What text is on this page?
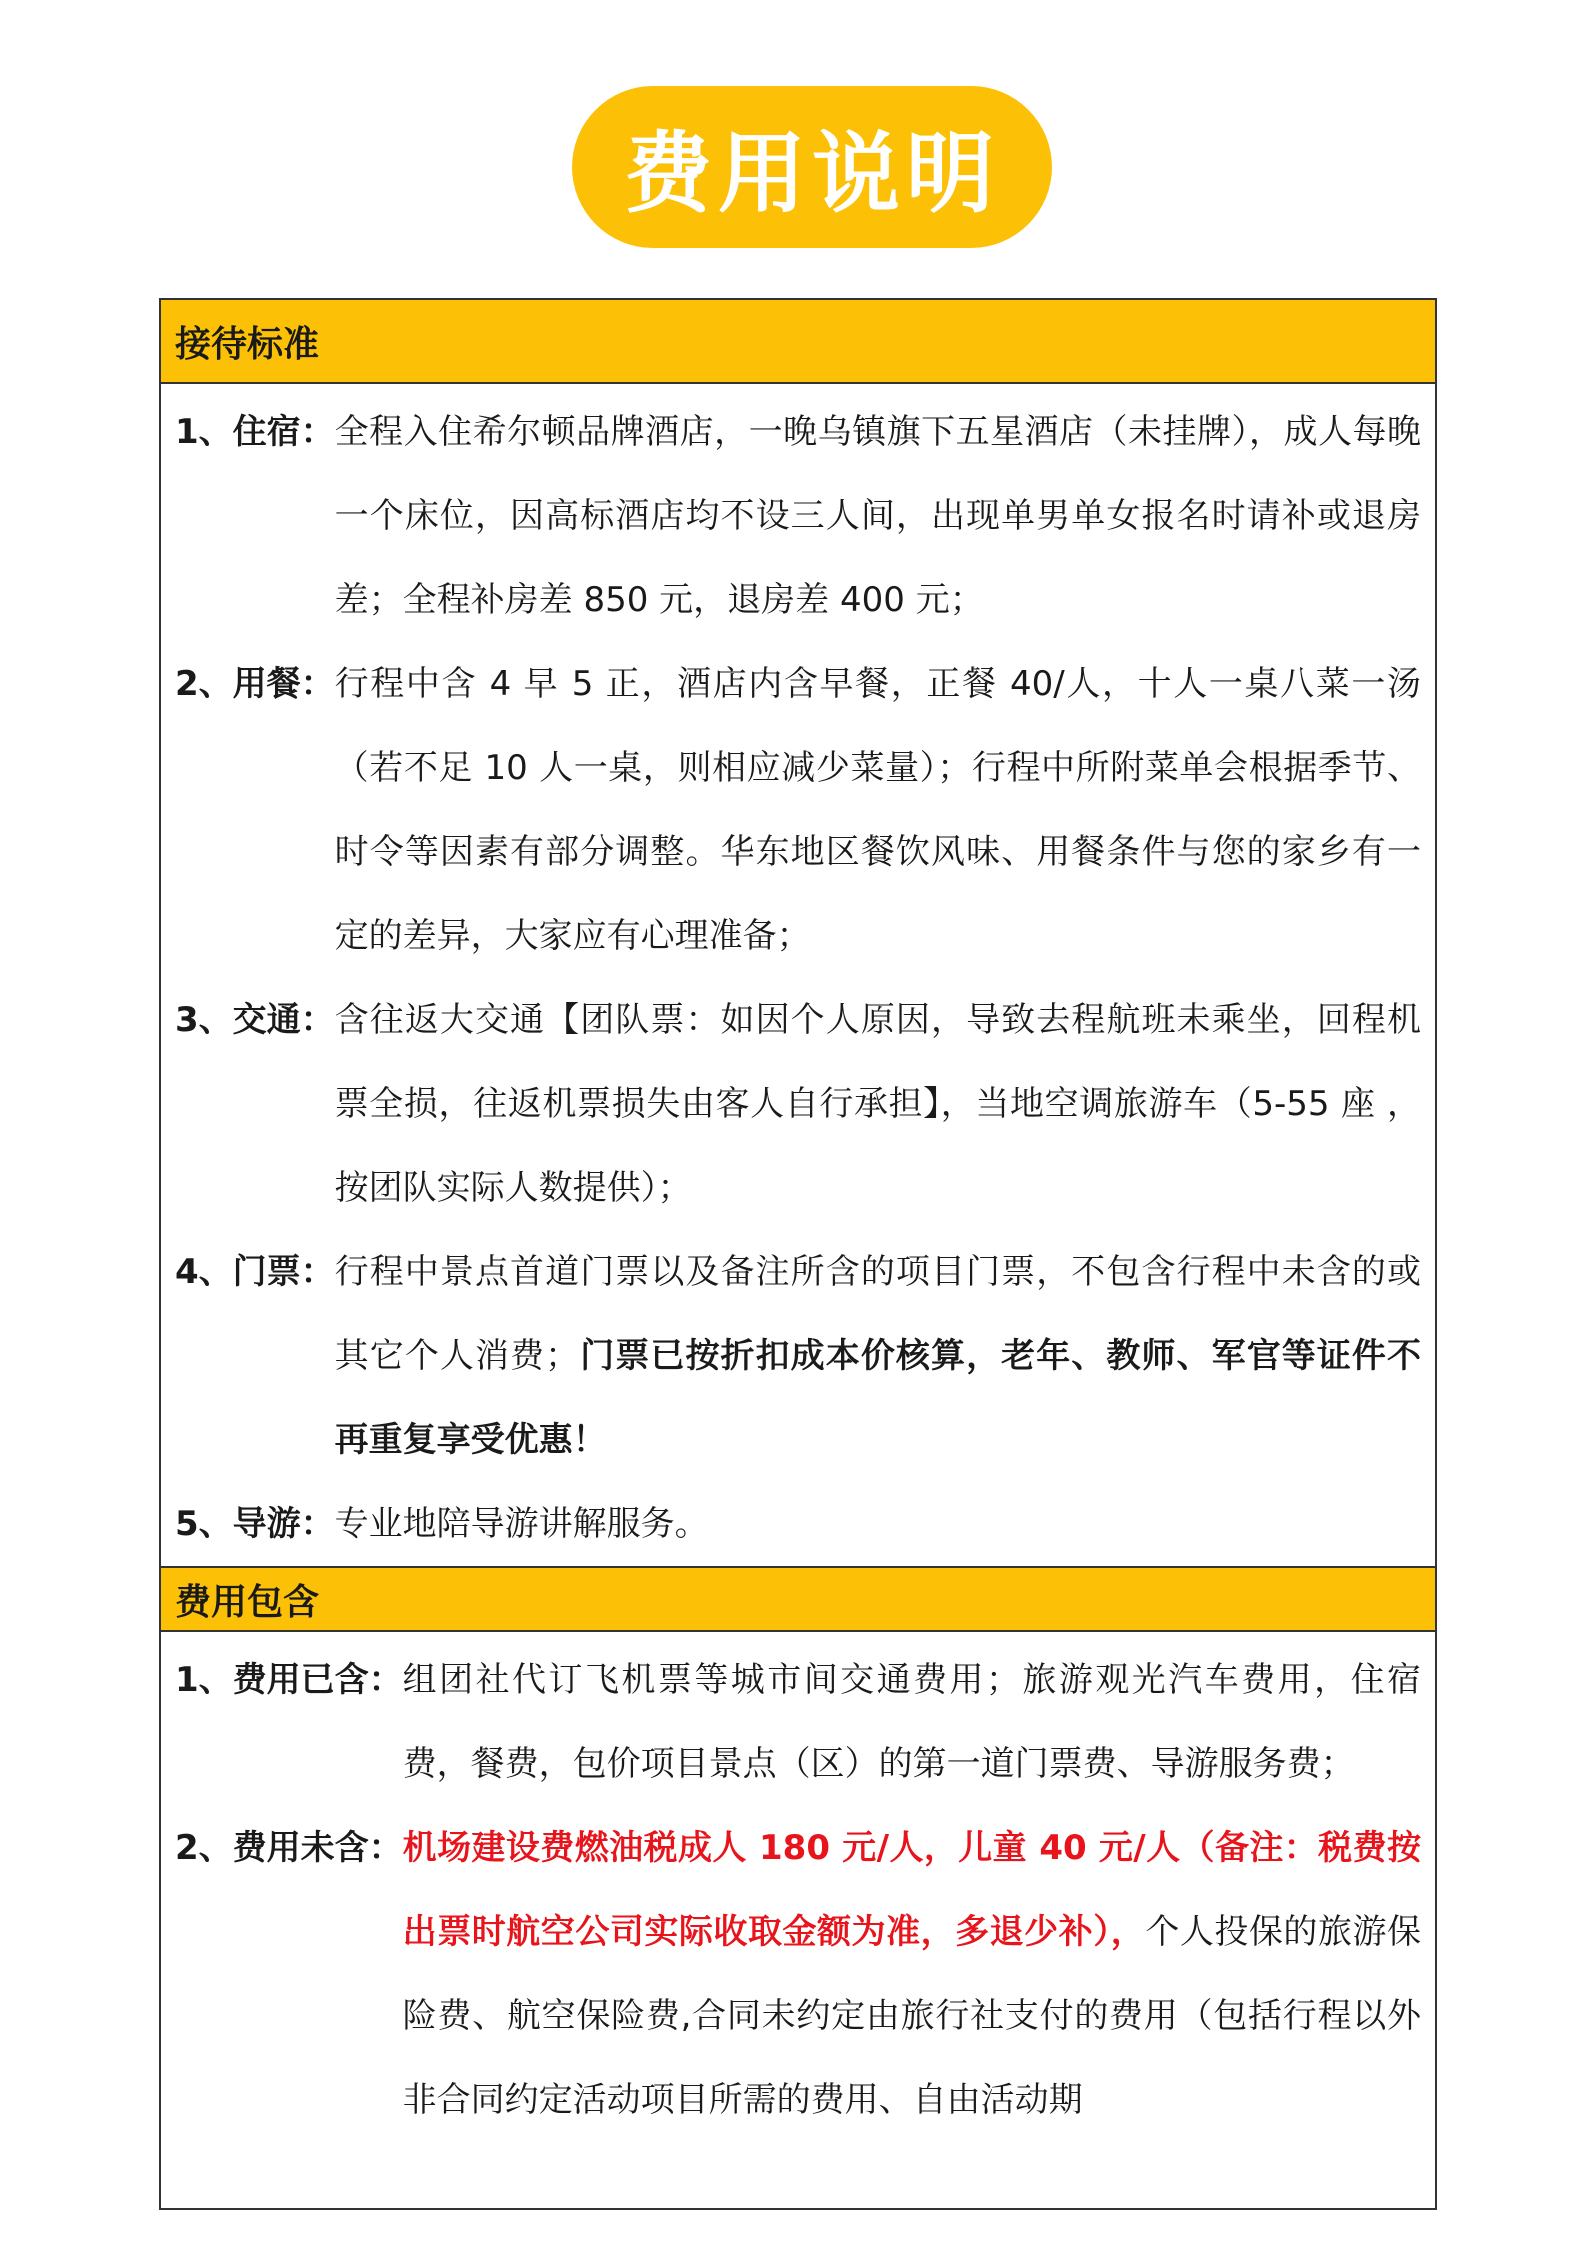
费用说明
接待标准
1、住宿： 全程入住希尔顿品牌酒店，一晚乌镇旗下五星酒店（未挂牌），成人每晚一个床位，因高标酒店均不设三人间，出现单男单女报名时请补或退房差；全程补房差 850 元，退房差 400 元；
2、用餐： 行程中含 4 早 5 正，酒店内含早餐，正餐 40/人，十人一桌八菜一汤（若不足 10 人一桌，则相应减少菜量）；行程中所附菜单会根据季节、时令等因素有部分调整。华东地区餐饮风味、用餐条件与您的家乡有一定的差异，大家应有心理准备；
3、交通： 含往返大交通【团队票：如因个人原因，导致去程航班未乘坐，回程机票全损，往返机票损失由客人自行承担】，当地空调旅游车（5-55 座 ，按团队实际人数提供）；
4、门票： 行程中景点首道门票以及备注所含的项目门票，不包含行程中未含的或其它个人消费；门票已按折扣成本价核算，老年、教师、军官等证件不再重复享受优惠！
5、导游： 专业地陪导游讲解服务。
费用包含
1、费用已含： 组团社代订飞机票等城市间交通费用；旅游观光汽车费用，住宿费，餐费，包价项目景点（区）的第一道门票费、导游服务费；
2、费用未含： 机场建设费燃油税成人 180 元/人，儿童 40 元/人（备注：税费按出票时航空公司实际收取金额为准，多退少补），个人投保的旅游保险费、航空保险费,合同未约定由旅行社支付的费用（包括行程以外非合同约定活动项目所需的费用、自由活动期
